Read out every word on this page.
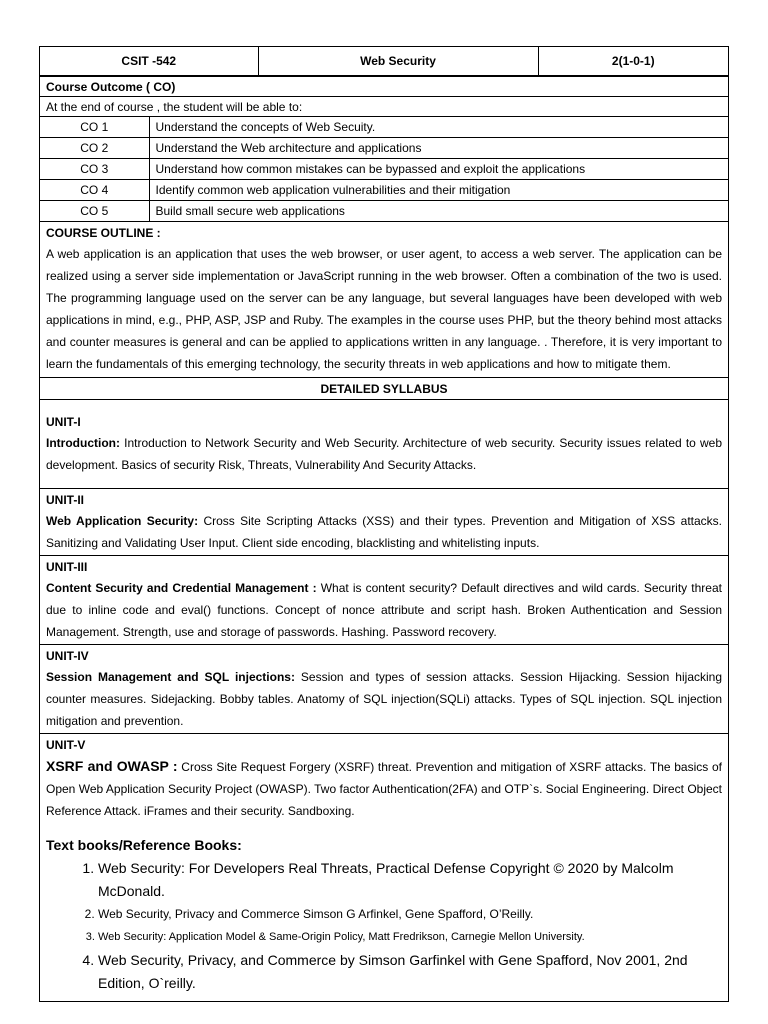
CSIT -542	Web Security	2(1-0-1)
Course Outcome ( CO)
At the end of course , the student will be able to:
CO 1	Understand the concepts of Web Secuity.
CO 2	Understand the Web architecture and applications
CO 3	Understand how common mistakes can be bypassed and exploit the applications
CO 4	Identify common web application vulnerabilities and their mitigation
CO 5	Build small secure web applications
COURSE OUTLINE :
A web application is an application that uses the web browser, or user agent, to access a web server. The application can be realized using a server side implementation or JavaScript running in the web browser. Often a combination of the two is used. The programming language used on the server can be any language, but several languages have been developed with web applications in mind, e.g., PHP, ASP, JSP and Ruby. The examples in the course uses PHP, but the theory behind most attacks and counter measures is general and can be applied to applications written in any language. . Therefore, it is very important to learn the fundamentals of this emerging technology, the security threats in web applications and how to mitigate them.
DETAILED SYLLABUS
UNIT-I
Introduction: Introduction to Network Security and Web Security. Architecture of web security. Security issues related to web development. Basics of security Risk, Threats, Vulnerability And Security Attacks.
UNIT-II
Web Application Security: Cross Site Scripting Attacks (XSS) and their types. Prevention and Mitigation of XSS attacks. Sanitizing and Validating User Input. Client side encoding, blacklisting and whitelisting inputs.
UNIT-III
Content Security and Credential Management : What is content security? Default directives and wild cards. Security threat due to inline code and eval() functions. Concept of nonce attribute and script hash. Broken Authentication and Session Management. Strength, use and storage of passwords. Hashing. Password recovery.
UNIT-IV
Session Management and SQL injections: Session and types of session attacks. Session Hijacking. Session hijacking counter measures. Sidejacking. Bobby tables. Anatomy of SQL injection(SQLi) attacks. Types of SQL injection. SQL injection mitigation and prevention.
UNIT-V
XSRF and OWASP : Cross Site Request Forgery (XSRF) threat. Prevention and mitigation of XSRF attacks. The basics of Open Web Application Security Project (OWASP). Two factor Authentication(2FA) and OTP`s. Social Engineering. Direct Object Reference Attack. iFrames and their security. Sandboxing.
Text books/Reference Books:
1. Web Security: For Developers Real Threats, Practical Defense Copyright © 2020 by Malcolm McDonald.
2. Web Security, Privacy and Commerce Simson G Arfinkel, Gene Spafford, O’Reilly.
3. Web Security: Application Model & Same-Origin Policy, Matt Fredrikson, Carnegie Mellon University.
4. Web Security, Privacy, and Commerce by Simson Garfinkel with Gene Spafford, Nov 2001, 2nd Edition, O`reilly.
